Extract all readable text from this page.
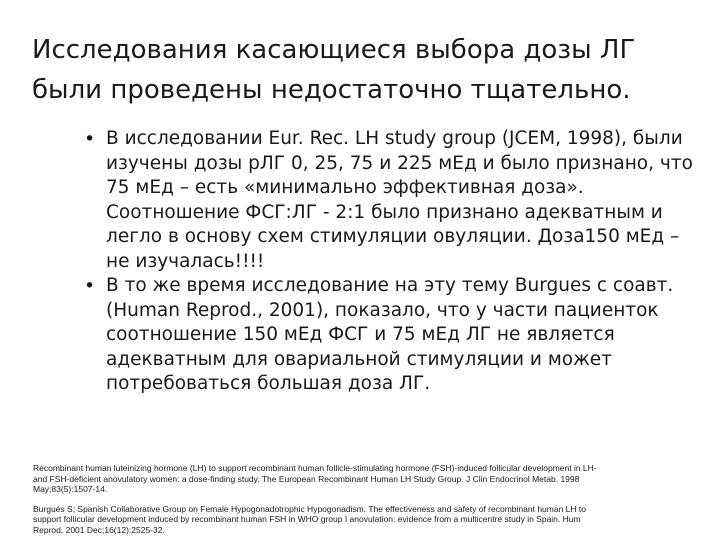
Исследования касающиеся выбора дозы ЛГ
были проведены недостаточно тщательно.
• В исследовании Eur. Rec. LH study group (JCEM, 1998), были
изучены дозы рЛГ 0, 25, 75 и 225 мЕд и было признано, что
75 мЕд – есть «минимально эффективная доза».
Соотношение ФСГ:ЛГ - 2:1 было признано адекватным и
легло в основу схем стимуляции овуляции. Доза150 мЕд –
не изучалась!!!!
• В то же время исследование на эту тему Burgues с соавт.
(Human Reprod., 2001), показало, что у части пациенток
соотношение 150 мЕд ФСГ и 75 мЕд ЛГ не является
адекватным для овариальной стимуляции и может
потребоваться большая доза ЛГ.

Recombinant human luteinizing hormone (LH) to support recombinant human follicle-stimulating hormone (FSH)-induced follicular development in LH-
and FSH-deficient anovulatory women: a dose-finding study. The European Recombinant Human LH Study Group. J Clin Endocrinol Metab. 1998
May;83(5):1507-14.

Burgués S; Spanish Collaborative Group on Female Hypogonadotrophic Hypogonadism. The effectiveness and safety of recombinant human LH to
support follicular development induced by recombinant human FSH in WHO group I anovulation: evidence from a multicentre study in Spain. Hum
Reprod. 2001 Dec;16(12):2525-32.
